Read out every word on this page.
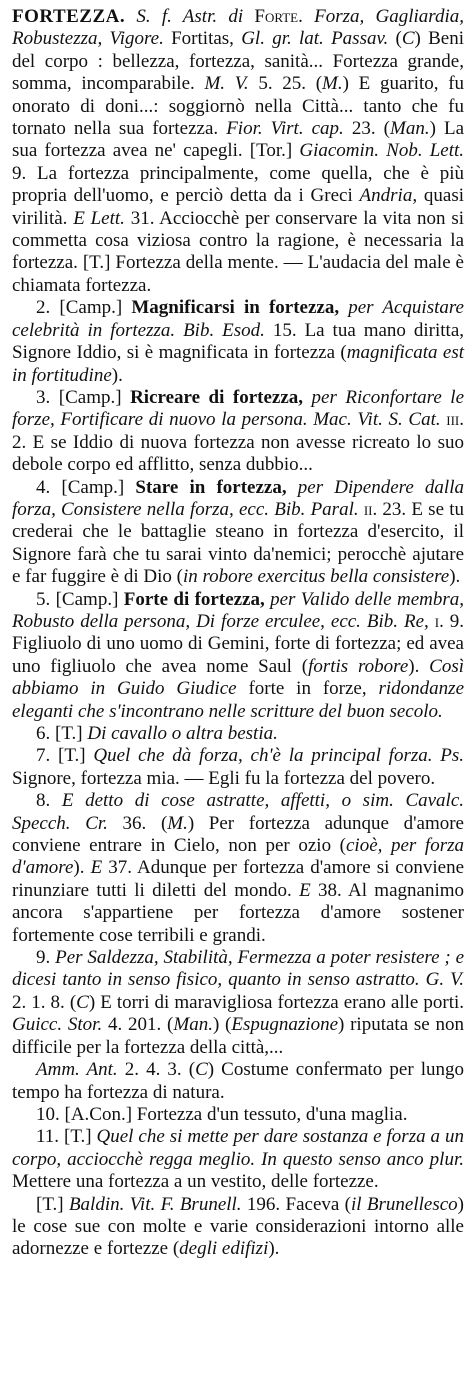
FORTEZZA. S. f. Astr. di Forte. Forza, Gagliardia, Robustezza, Vigore. Fortitas, Gl. gr. lat. Passav. (C) Beni del corpo : bellezza, fortezza, sanità... Fortezza grande, somma, incomparabile. M. V. 5. 25. (M.) E guarito, fu onorato di doni...: soggiornò nella Città... tanto che fu tornato nella sua fortezza. Fior. Virt. cap. 23. (Man.) La sua fortezza avea ne' capegli. [Tor.] Giacomin. Nob. Lett. 9. La fortezza principalmente, come quella, che è più propria dell'uomo, e perciò detta da i Greci Andria, quasi virilità. E Lett. 31. Acciocchè per conservare la vita non si commetta cosa viziosa contro la ragione, è necessaria la fortezza. [T.] Fortezza della mente. — L'audacia del male è chiamata fortezza.

2. [Camp.] Magnificarsi in fortezza, per Acquistare celebrità in fortezza. Bib. Esod. 15. La tua mano diritta, Signore Iddio, si è magnificata in fortezza (magnificata est in fortitudine).

3. [Camp.] Ricreare di fortezza, per Riconfortare le forze, Fortificare di nuovo la persona. Mac. Vit. S. Cat. iii. 2. E se Iddio di nuova fortezza non avesse ricreato lo suo debole corpo ed afflitto, senza dubbio...

4. [Camp.] Stare in fortezza, per Dipendere dalla forza, Consistere nella forza, ecc. Bib. Paral. ii. 23. E se tu crederai che le battaglie steano in fortezza d'esercito, il Signore farà che tu sarai vinto da'nemici; perocchè ajutare e far fuggire è di Dio (in robore exercitus bella consistere).

5. [Camp.] Forte di fortezza, per Valido delle membra, Robusto della persona, Di forze erculee, ecc. Bib. Re, i. 9. Figliuolo di uno uomo di Gemini, forte di fortezza; ed avea uno figliuolo che avea nome Saul (fortis robore). Così abbiamo in Guido Giudice forte in forze, ridondanze eleganti che s'incontrano nelle scritture del buon secolo.

6. [T.] Di cavallo o altra bestia.

7. [T.] Quel che dà forza, ch'è la principal forza. Ps. Signore, fortezza mia. — Egli fu la fortezza del povero.

8. E detto di cose astratte, affetti, o sim. Cavalc. Specch. Cr. 36. (M.) Per fortezza adunque d'amore conviene entrare in Cielo, non per ozio (cioè, per forza d'amore). E 37. Adunque per fortezza d'amore si conviene rinunziare tutti li diletti del mondo. E 38. Al magnanimo ancora s'appartiene per fortezza d'amore sostener fortemente cose terribili e grandi.

9. Per Saldezza, Stabilità, Fermezza a poter resistere ; e dicesi tanto in senso fisico, quanto in senso astratto. G. V. 2. 1. 8. (C) E torri di maravigliosa fortezza erano alle porti. Guicc. Stor. 4. 201. (Man.) (Espugnazione) riputata se non difficile per la fortezza della città,...

Amm. Ant. 2. 4. 3. (C) Costume confermato per lungo tempo ha fortezza di natura.

10. [A.Con.] Fortezza d'un tessuto, d'una maglia.

11. [T.] Quel che si mette per dare sostanza e forza a un corpo, acciocchè regga meglio. In questo senso anco plur. Mettere una fortezza a un vestito, delle fortezze.

[T.] Baldin. Vit. F. Brunell. 196. Faceva (il Brunellesco) le cose sue con molte e varie considerazioni intorno alle adornezze e fortezze (degli edifizi).
